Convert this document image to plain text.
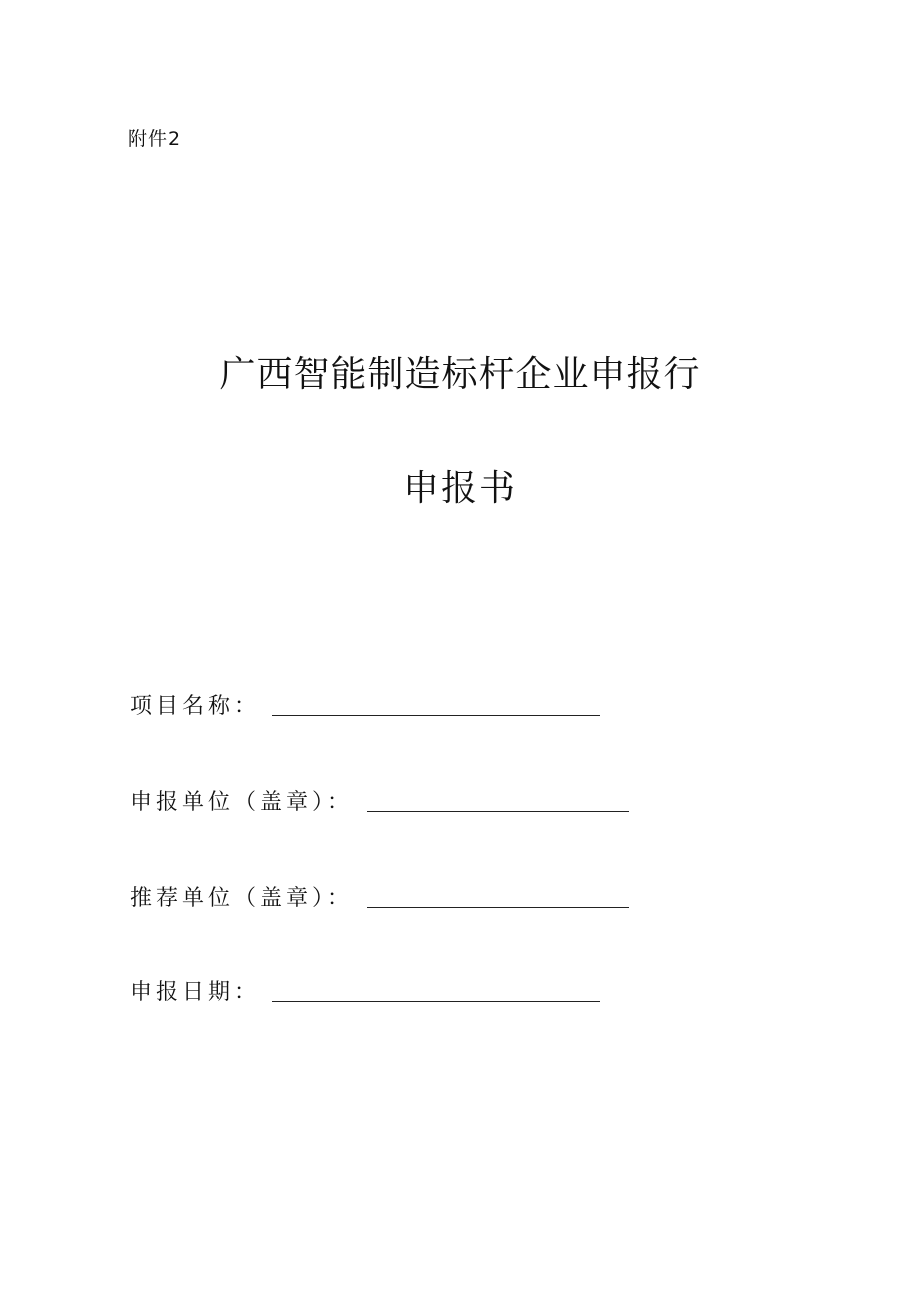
附件2
广西智能制造标杆企业申报行
申报书
项目名称：
申报单位（盖章）：
推荐单位（盖章）：
申报日期：
